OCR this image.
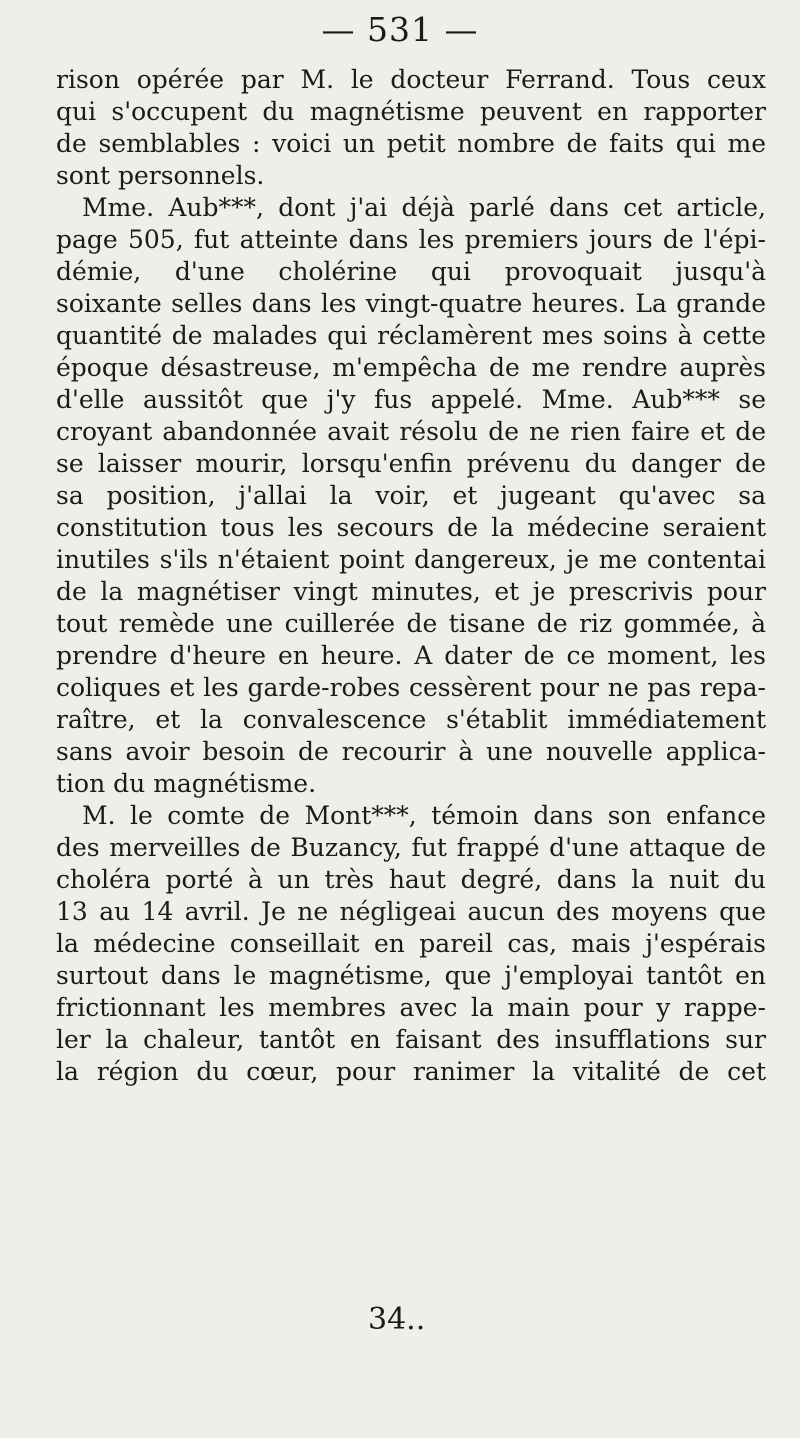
— 531 —
rison opérée par M. le docteur Ferrand. Tous ceux
qui s'occupent du magnétisme peuvent en rapporter
de semblables : voici un petit nombre de faits qui me
sont personnels.
Mme. Aub***, dont j'ai déjà parlé dans cet article,
page 505, fut atteinte dans les premiers jours de l'épi-
démie, d'une cholérine qui provoquait jusqu'à
soixante selles dans les vingt-quatre heures. La grande
quantité de malades qui réclamèrent mes soins à cette
époque désastreuse, m'empêcha de me rendre auprès
d'elle aussitôt que j'y fus appelé. Mme. Aub*** se
croyant abandonnée avait résolu de ne rien faire et de
se laisser mourir, lorsqu'enfin prévenu du danger de
sa position, j'allai la voir, et jugeant qu'avec sa
constitution tous les secours de la médecine seraient
inutiles s'ils n'étaient point dangereux, je me contentai
de la magnétiser vingt minutes, et je prescrivis pour
tout remède une cuillerée de tisane de riz gommée, à
prendre d'heure en heure. A dater de ce moment, les
coliques et les garde-robes cessèrent pour ne pas repa-
raître, et la convalescence s'établit immédiatement
sans avoir besoin de recourir à une nouvelle applica-
tion du magnétisme.
M. le comte de Mont***, témoin dans son enfance
des merveilles de Buzancy, fut frappé d'une attaque de
choléra porté à un très haut degré, dans la nuit du
13 au 14 avril. Je ne négligeai aucun des moyens que
la médecine conseillait en pareil cas, mais j'espérais
surtout dans le magnétisme, que j'employai tantôt en
frictionnant les membres avec la main pour y rappe-
ler la chaleur, tantôt en faisant des insufflations sur
la région du cœur, pour ranimer la vitalité de cet
34..
